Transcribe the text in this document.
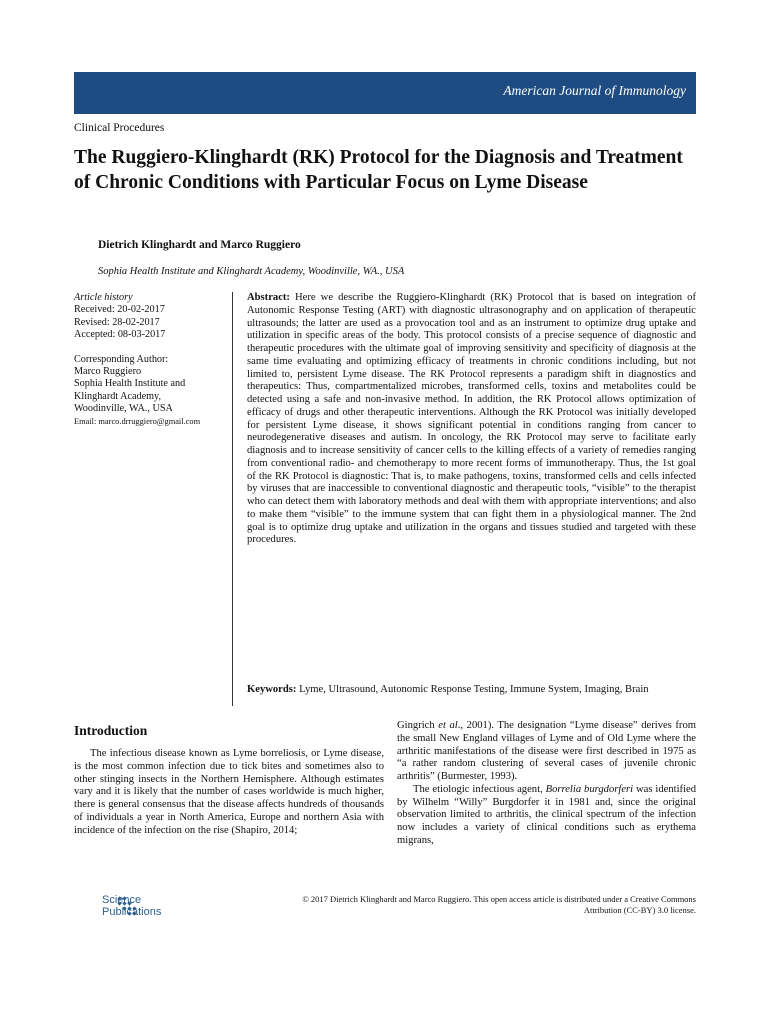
American Journal of Immunology
Clinical Procedures
The Ruggiero-Klinghardt (RK) Protocol for the Diagnosis and Treatment of Chronic Conditions with Particular Focus on Lyme Disease
Dietrich Klinghardt and Marco Ruggiero
Sophia Health Institute and Klinghardt Academy, Woodinville, WA., USA
Article history
Received: 20-02-2017
Revised: 28-02-2017
Accepted: 08-03-2017
Corresponding Author:
Marco Ruggiero
Sophia Health Institute and
Klinghardt Academy,
Woodinville, WA., USA
Email: marco.drruggiero@gmail.com

Abstract: Here we describe the Ruggiero-Klinghardt (RK) Protocol that is based on integration of Autonomic Response Testing (ART) with diagnostic ultrasonography and on application of therapeutic ultrasounds; the latter are used as a provocation tool and as an instrument to optimize drug uptake and utilization in specific areas of the body. This protocol consists of a precise sequence of diagnostic and therapeutic procedures with the ultimate goal of improving sensitivity and specificity of diagnosis at the same time evaluating and optimizing efficacy of treatments in chronic conditions including, but not limited to, persistent Lyme disease. The RK Protocol represents a paradigm shift in diagnostics and therapeutics: Thus, compartmentalized microbes, transformed cells, toxins and metabolites could be detected using a safe and non-invasive method. In addition, the RK Protocol allows optimization of efficacy of drugs and other therapeutic interventions. Although the RK Protocol was initially developed for persistent Lyme disease, it shows significant potential in conditions ranging from cancer to neurodegenerative diseases and autism. In oncology, the RK Protocol may serve to facilitate early diagnosis and to increase sensitivity of cancer cells to the killing effects of a variety of remedies ranging from conventional radio- and chemotherapy to more recent forms of immunotherapy. Thus, the 1st goal of the RK Protocol is diagnostic: That is, to make pathogens, toxins, transformed cells and cells infected by viruses that are inaccessible to conventional diagnostic and therapeutic tools, “visible” to the therapist who can detect them with laboratory methods and deal with them with appropriate interventions; and also to make them “visible” to the immune system that can fight them in a physiological manner. The 2nd goal is to optimize drug uptake and utilization in the organs and tissues studied and targeted with these procedures.

Keywords: Lyme, Ultrasound, Autonomic Response Testing, Immune System, Imaging, Brain

Introduction

The infectious disease known as Lyme borreliosis, or Lyme disease, is the most common infection due to tick bites and sometimes also to other stinging insects in the Northern Hemisphere. Although estimates vary and it is likely that the number of cases worldwide is much higher, there is general consensus that the disease affects hundreds of thousands of individuals a year in North America, Europe and northern Asia with incidence of the infection on the rise (Shapiro, 2014;

Gingrich et al., 2001). The designation “Lyme disease” derives from the small New England villages of Lyme and of Old Lyme where the arthritic manifestations of the disease were first described in 1975 as “a rather random clustering of several cases of juvenile chronic arthritis” (Burmester, 1993).

The etiologic infectious agent, Borrelia burgdorferi was identified by Wilhelm “Willy” Burgdorfer it in 1981 and, since the original observation limited to arthritis, the clinical spectrum of the infection now includes a variety of clinical conditions such as erythema migrans,

Science
Publications
© 2017 Dietrich Klinghardt and Marco Ruggiero. This open access article is distributed under a Creative Commons
Attribution (CC-BY) 3.0 license.
